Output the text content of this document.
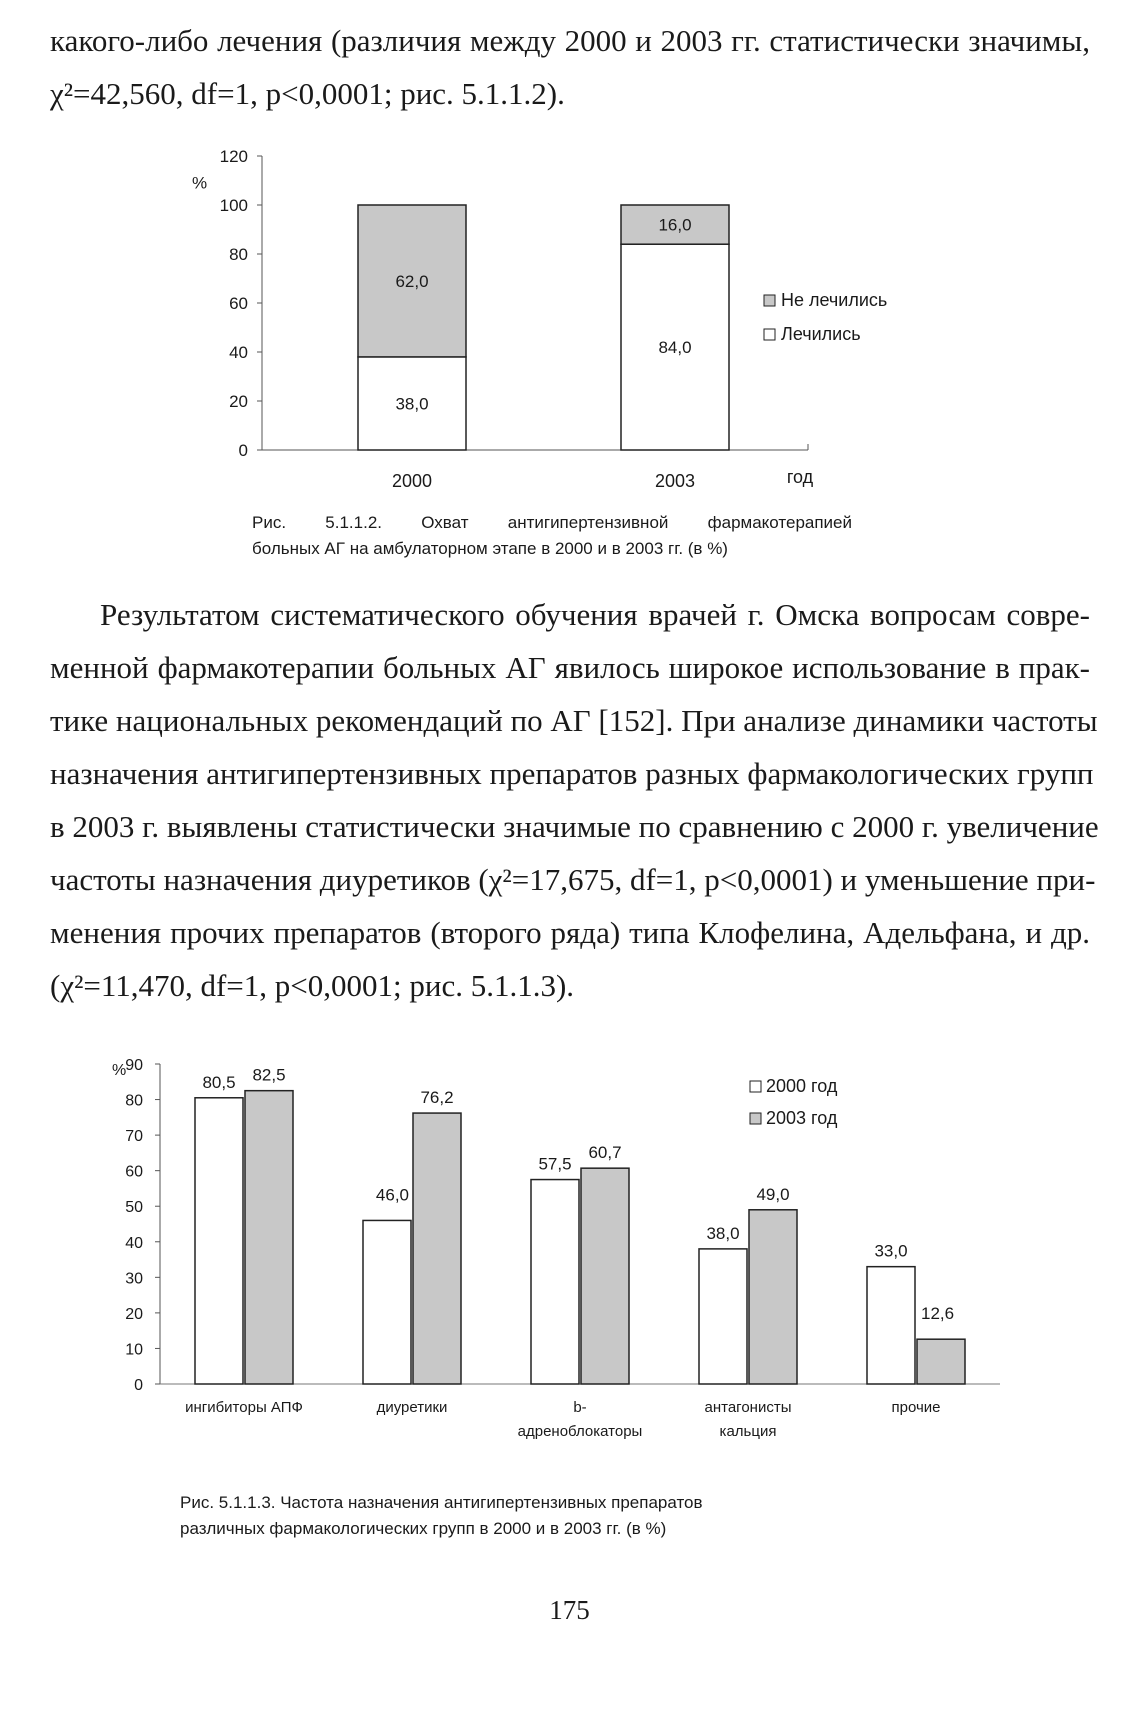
какого-либо лечения (различия между 2000 и 2003 гг. статистически значимы,
χ²=42,560, df=1, p<0,0001; рис. 5.1.1.2).
0
20
40
60
80
100
120
%
38,0
62,0
2000
84,0
16,0
2003	год
Не лечились
Лечились
Рис. 5.1.1.2. Охват антигипертензивной фармакотерапией
больных АГ на амбулаторном этапе в 2000 и в 2003 гг. (в %)
Результатом систематического обучения врачей г. Омска вопросам совре-
менной фармакотерапии больных АГ явилось широкое использование в прак-
тике национальных рекомендаций по АГ [152]. При анализе динамики частоты
назначения антигипертензивных препаратов разных фармакологических групп
в 2003 г. выявлены статистически значимые по сравнению с 2000 г. увеличение
частоты назначения диуретиков (χ²=17,675, df=1, p<0,0001) и уменьшение при-
менения прочих препаратов (второго ряда) типа Клофелина, Адельфана, и др.
(χ²=11,470, df=1, p<0,0001; рис. 5.1.1.3).
0
10
20
30
40
50
60
70
80
90
%
80,5 82,5
ингибиторы АПФ
46,0
76,2
диуретики
57,5
60,7
b-
адреноблокаторы
38,0
49,0
антагонисты
кальция
33,0
12,6
прочие
2000 год
2003 год
Рис. 5.1.1.3. Частота назначения антигипертензивных препаратов
различных фармакологических групп в 2000 и в 2003 гг. (в %)
175
